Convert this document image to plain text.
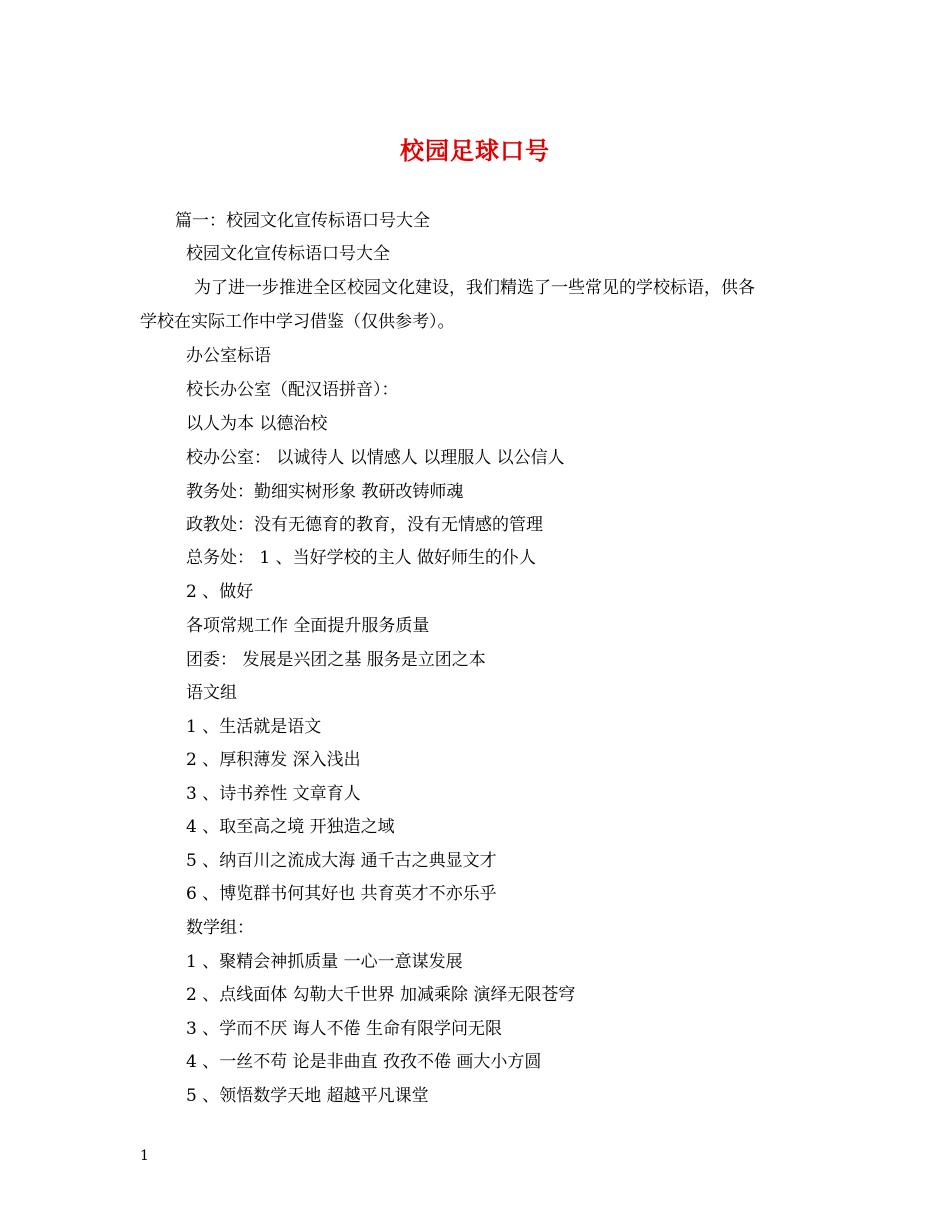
校园足球口号
篇一：校园文化宣传标语口号大全
校园文化宣传标语口号大全
为了进一步推进全区校园文化建设，我们精选了一些常见的学校标语，供各
学校在实际工作中学习借鉴（仅供参考）。
办公室标语
校长办公室（配汉语拼音）：
以人为本 以德治校
校办公室： 以诚待人 以情感人 以理服人 以公信人
教务处：勤细实树形象 教研改铸师魂
政教处：没有无德育的教育，没有无情感的管理
总务处： 1 、当好学校的主人 做好师生的仆人
2 、做好
各项常规工作 全面提升服务质量
团委： 发展是兴团之基 服务是立团之本
语文组
1 、生活就是语文
2 、厚积薄发 深入浅出
3 、诗书养性 文章育人
4 、取至高之境 开独造之域
5 、纳百川之流成大海 通千古之典显文才
6 、博览群书何其好也 共育英才不亦乐乎
数学组：
1 、聚精会神抓质量 一心一意谋发展
2 、点线面体 勾勒大千世界 加减乘除 演绎无限苍穹
3 、学而不厌 诲人不倦 生命有限学问无限
4 、一丝不苟 论是非曲直 孜孜不倦 画大小方圆
5 、领悟数学天地 超越平凡课堂
1
